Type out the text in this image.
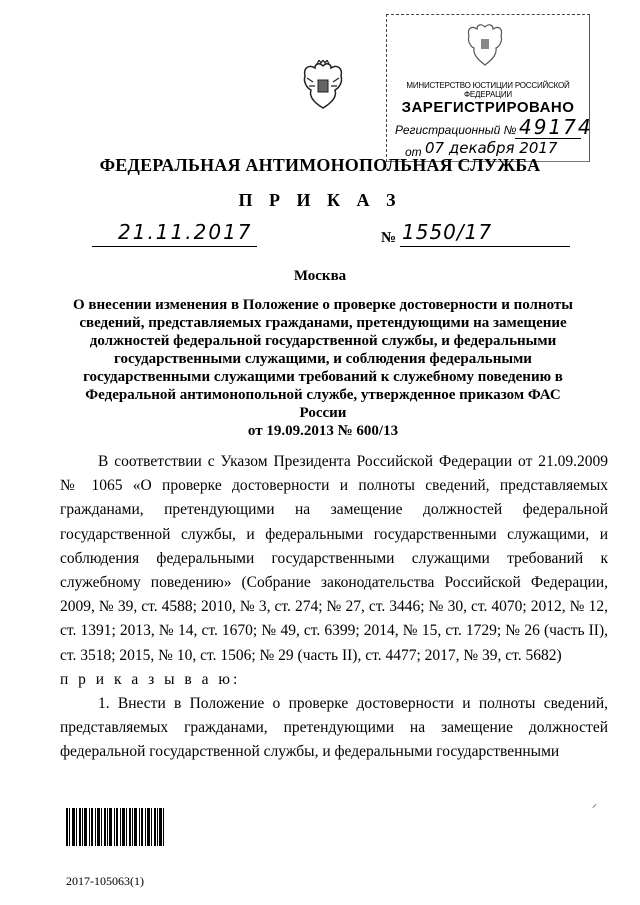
МИНИСТЕРСТВО ЮСТИЦИИ РОССИЙСКОЙ ФЕДЕРАЦИИ
ЗАРЕГИСТРИРОВАНО
Регистрационный № 49174
от 07 декабря 2017
ФЕДЕРАЛЬНАЯ АНТИМОНОПОЛЬНАЯ СЛУЖБА
П Р И К А З
21.11.2017	№ 1550/17
Москва
О внесении изменения в Положение о проверке достоверности и полноты
сведений, представляемых гражданами, претендующими на замещение
должностей федеральной государственной службы, и федеральными
государственными служащими, и соблюдения федеральными
государственными служащими требований к служебному поведению в
Федеральной антимонопольной службе, утвержденное приказом ФАС России
от 19.09.2013 № 600/13

В соответствии с Указом Президента Российской Федерации от 21.09.2009 № 1065 «О проверке достоверности и полноты сведений, представляемых гражданами, претендующими на замещение должностей федеральной государственной службы, и федеральными государственными служащими, и соблюдения федеральными государственными служащими требований к служебному поведению» (Собрание законодательства Российской Федерации, 2009, № 39, ст. 4588; 2010, № 3, ст. 274; № 27, ст. 3446; № 30, ст. 4070; 2012, № 12, ст. 1391; 2013, № 14, ст. 1670; № 49, ст. 6399; 2014, № 15, ст. 1729; № 26 (часть II), ст. 3518; 2015, № 10, ст. 1506; № 29 (часть II), ст. 4477; 2017, № 39, ст. 5682)

п р и к а з ы в а ю:

1. Внести в Положение о проверке достоверности и полноты сведений, представляемых гражданами, претендующими на замещение должностей федеральной государственной службы, и федеральными государственными

⸝
2017-105063(1)
